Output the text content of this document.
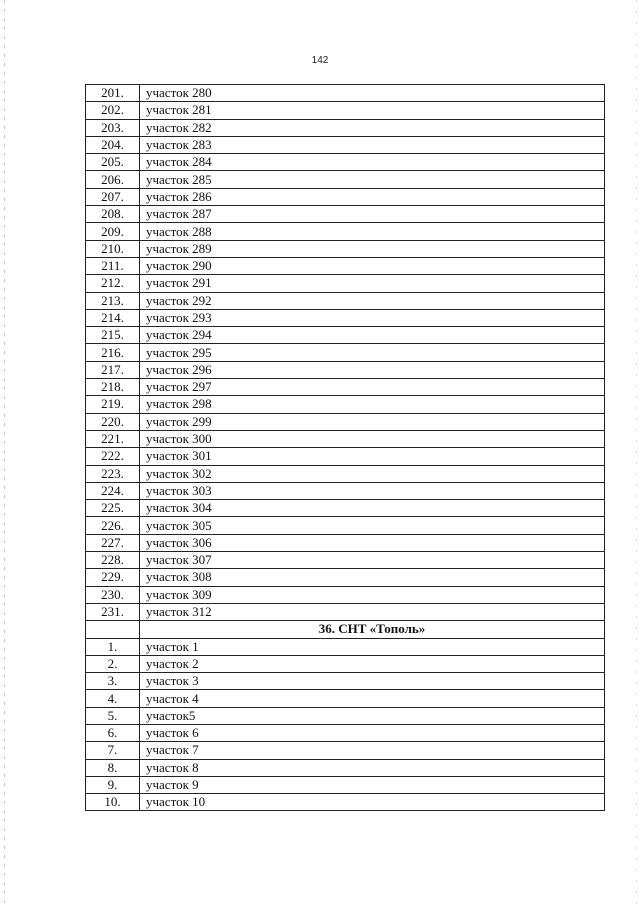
142
201.	участок 280
202.	участок 281
203.	участок 282
204.	участок 283
205.	участок 284
206.	участок 285
207.	участок 286
208.	участок 287
209.	участок 288
210.	участок 289
211.	участок 290
212.	участок 291
213.	участок 292
214.	участок 293
215.	участок 294
216.	участок 295
217.	участок 296
218.	участок 297
219.	участок 298
220.	участок 299
221.	участок 300
222.	участок 301
223.	участок 302
224.	участок 303
225.	участок 304
226.	участок 305
227.	участок 306
228.	участок 307
229.	участок 308
230.	участок 309
231.	участок 312
	36. СНТ «Тополь»
1.	участок 1
2.	участок 2
3.	участок 3
4.	участок 4
5.	участок5
6.	участок 6
7.	участок 7
8.	участок 8
9.	участок 9
10.	участок 10
